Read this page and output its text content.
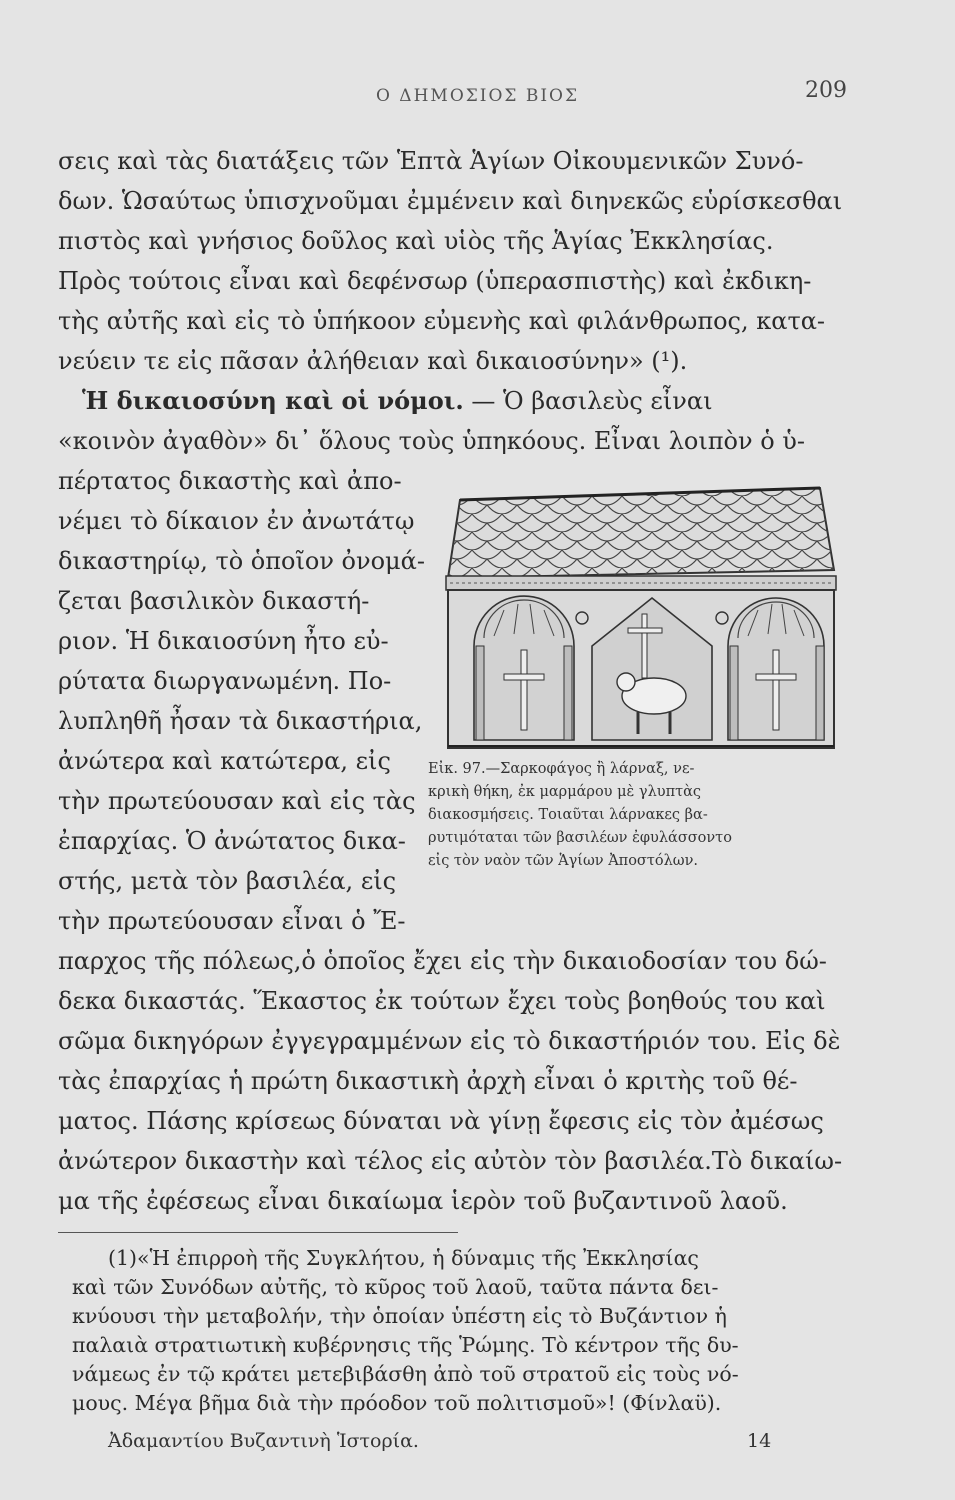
Ο ΔΗΜΟΣΙΟΣ ΒΙΟΣ	209
σεις καὶ τὰς διατάξεις τῶν Ἑπτὰ Ἁγίων Οἰκουμενικῶν Συνό-
δων. Ὡσαύτως ὑπισχνοῦμαι ἐμμένειν καὶ διηνεκῶς εὑρίσκεσθαι
πιστὸς καὶ γνήσιος δοῦλος καὶ υἱὸς τῆς Ἁγίας Ἐκκλησίας.
Πρὸς τούτοις εἶναι καὶ δεφένσωρ (ὑπερασπιστὴς) καὶ ἐκδικη-
τὴς αὐτῆς καὶ εἰς τὸ ὑπήκοον εὐμενὴς καὶ φιλάνθρωπος, κατα-
νεύειν τε εἰς πᾶσαν ἀλήθειαν καὶ δικαιοσύνην» (¹).
Ἡ δικαιοσύνη καὶ οἱ νόμοι. — Ὁ βασιλεὺς εἶναι
«κοινὸν ἀγαθὸν» δι᾽ ὅλους τοὺς ὑπηκόους. Εἶναι λοιπὸν ὁ ὑ-
πέρτατος δικαστὴς καὶ ἀπο-
νέμει τὸ δίκαιον ἐν ἀνωτάτῳ
δικαστηρίῳ, τὸ ὁποῖον ὀνομά-
ζεται βασιλικὸν δικαστή-
ριον. Ἡ δικαιοσύνη ἦτο εὐ-
ρύτατα διωργανωμένη. Πο-
λυπληθῆ ἦσαν τὰ δικαστήρια,
ἀνώτερα καὶ κατώτερα, εἰς
τὴν πρωτεύουσαν καὶ εἰς τὰς
ἐπαρχίας. Ὁ ἀνώτατος δικα-
στής, μετὰ τὸν βασιλέα, εἰς
τὴν πρωτεύουσαν εἶναι ὁ Ἔ-
Εἰκ. 97.—Σαρκοφάγος ἢ λάρναξ, νε-
κρικὴ θήκη, ἐκ μαρμάρου μὲ γλυπτὰς
διακοσμήσεις. Τοιαῦται λάρνακες βα-
ρυτιμόταται τῶν βασιλέων ἐφυλάσσοντο
εἰς τὸν ναὸν τῶν Ἁγίων Ἀποστόλων.
παρχος τῆς πόλεως,ὁ ὁποῖος ἔχει εἰς τὴν δικαιοδοσίαν του δώ-
δεκα δικαστάς. Ἕκαστος ἐκ τούτων ἔχει τοὺς βοηθούς του καὶ
σῶμα δικηγόρων ἐγγεγραμμένων εἰς τὸ δικαστήριόν του. Εἰς δὲ
τὰς ἐπαρχίας ἡ πρώτη δικαστικὴ ἀρχὴ εἶναι ὁ κριτὴς τοῦ θέ-
ματος. Πάσης κρίσεως δύναται νὰ γίνῃ ἔφεσις εἰς τὸν ἀμέσως
ἀνώτερον δικαστὴν καὶ τέλος εἰς αὐτὸν τὸν βασιλέα.Τὸ δικαίω-
μα τῆς ἐφέσεως εἶναι δικαίωμα ἱερὸν τοῦ βυζαντινοῦ λαοῦ.
(1)«Ἡ ἐπιρροὴ τῆς Συγκλήτου, ἡ δύναμις τῆς Ἐκκλησίας
καὶ τῶν Συνόδων αὐτῆς, τὸ κῦρος τοῦ λαοῦ, ταῦτα πάντα δει-
κνύουσι τὴν μεταβολήν, τὴν ὁποίαν ὑπέστη εἰς τὸ Βυζάντιον ἡ
παλαιὰ στρατιωτικὴ κυβέρνησις τῆς Ῥώμης. Τὸ κέντρον τῆς δυ-
νάμεως ἐν τῷ κράτει μετεβιβάσθη ἀπὸ τοῦ στρατοῦ εἰς τοὺς νό-
μους. Μέγα βῆμα διὰ τὴν πρόοδον τοῦ πολιτισμοῦ»! (Φίνλαϋ).
Ἀδαμαντίου Βυζαντινὴ Ἱστορία.	14
